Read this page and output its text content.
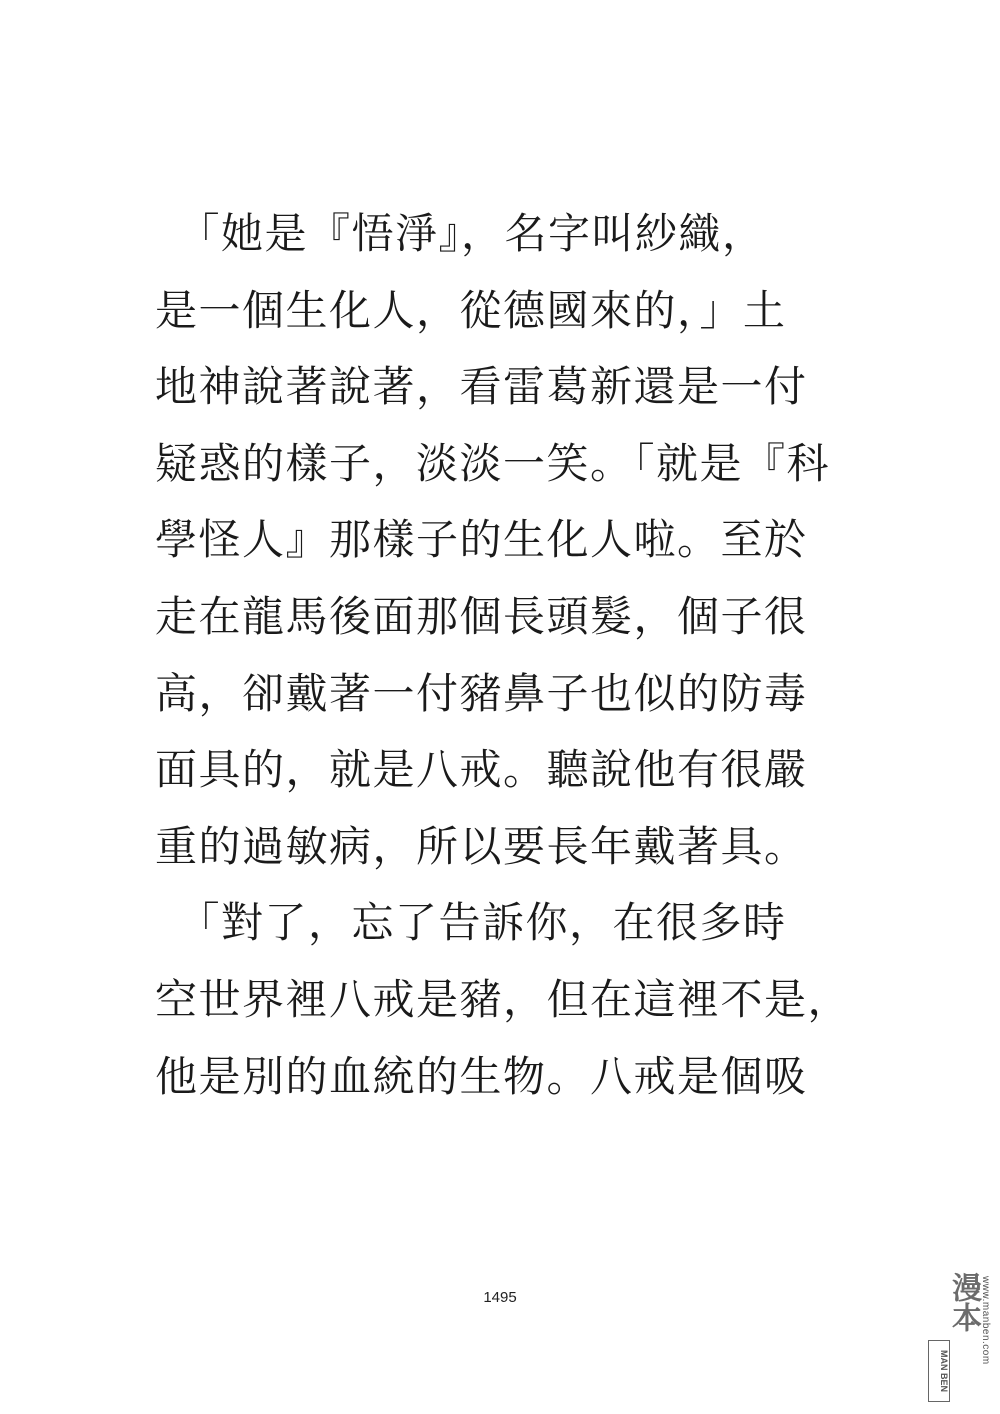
　「她是『悟淨』，名字叫紗織，
是一個生化人，從德國來的，」土
地神說著說著，看雷葛新還是一付
疑惑的樣子，淡淡一笑。「就是『科
學怪人』那樣子的生化人啦。至於
走在龍馬後面那個長頭髮，個子很
高，卻戴著一付豬鼻子也似的防毒
面具的，就是八戒。聽說他有很嚴
重的過敏病，所以要長年戴著具。
　「對了，忘了告訴你，在很多時
空世界裡八戒是豬，但在這裡不是，
他是別的血統的生物。八戒是個吸
1495
MAN BEN
漫本 www.manben.com
